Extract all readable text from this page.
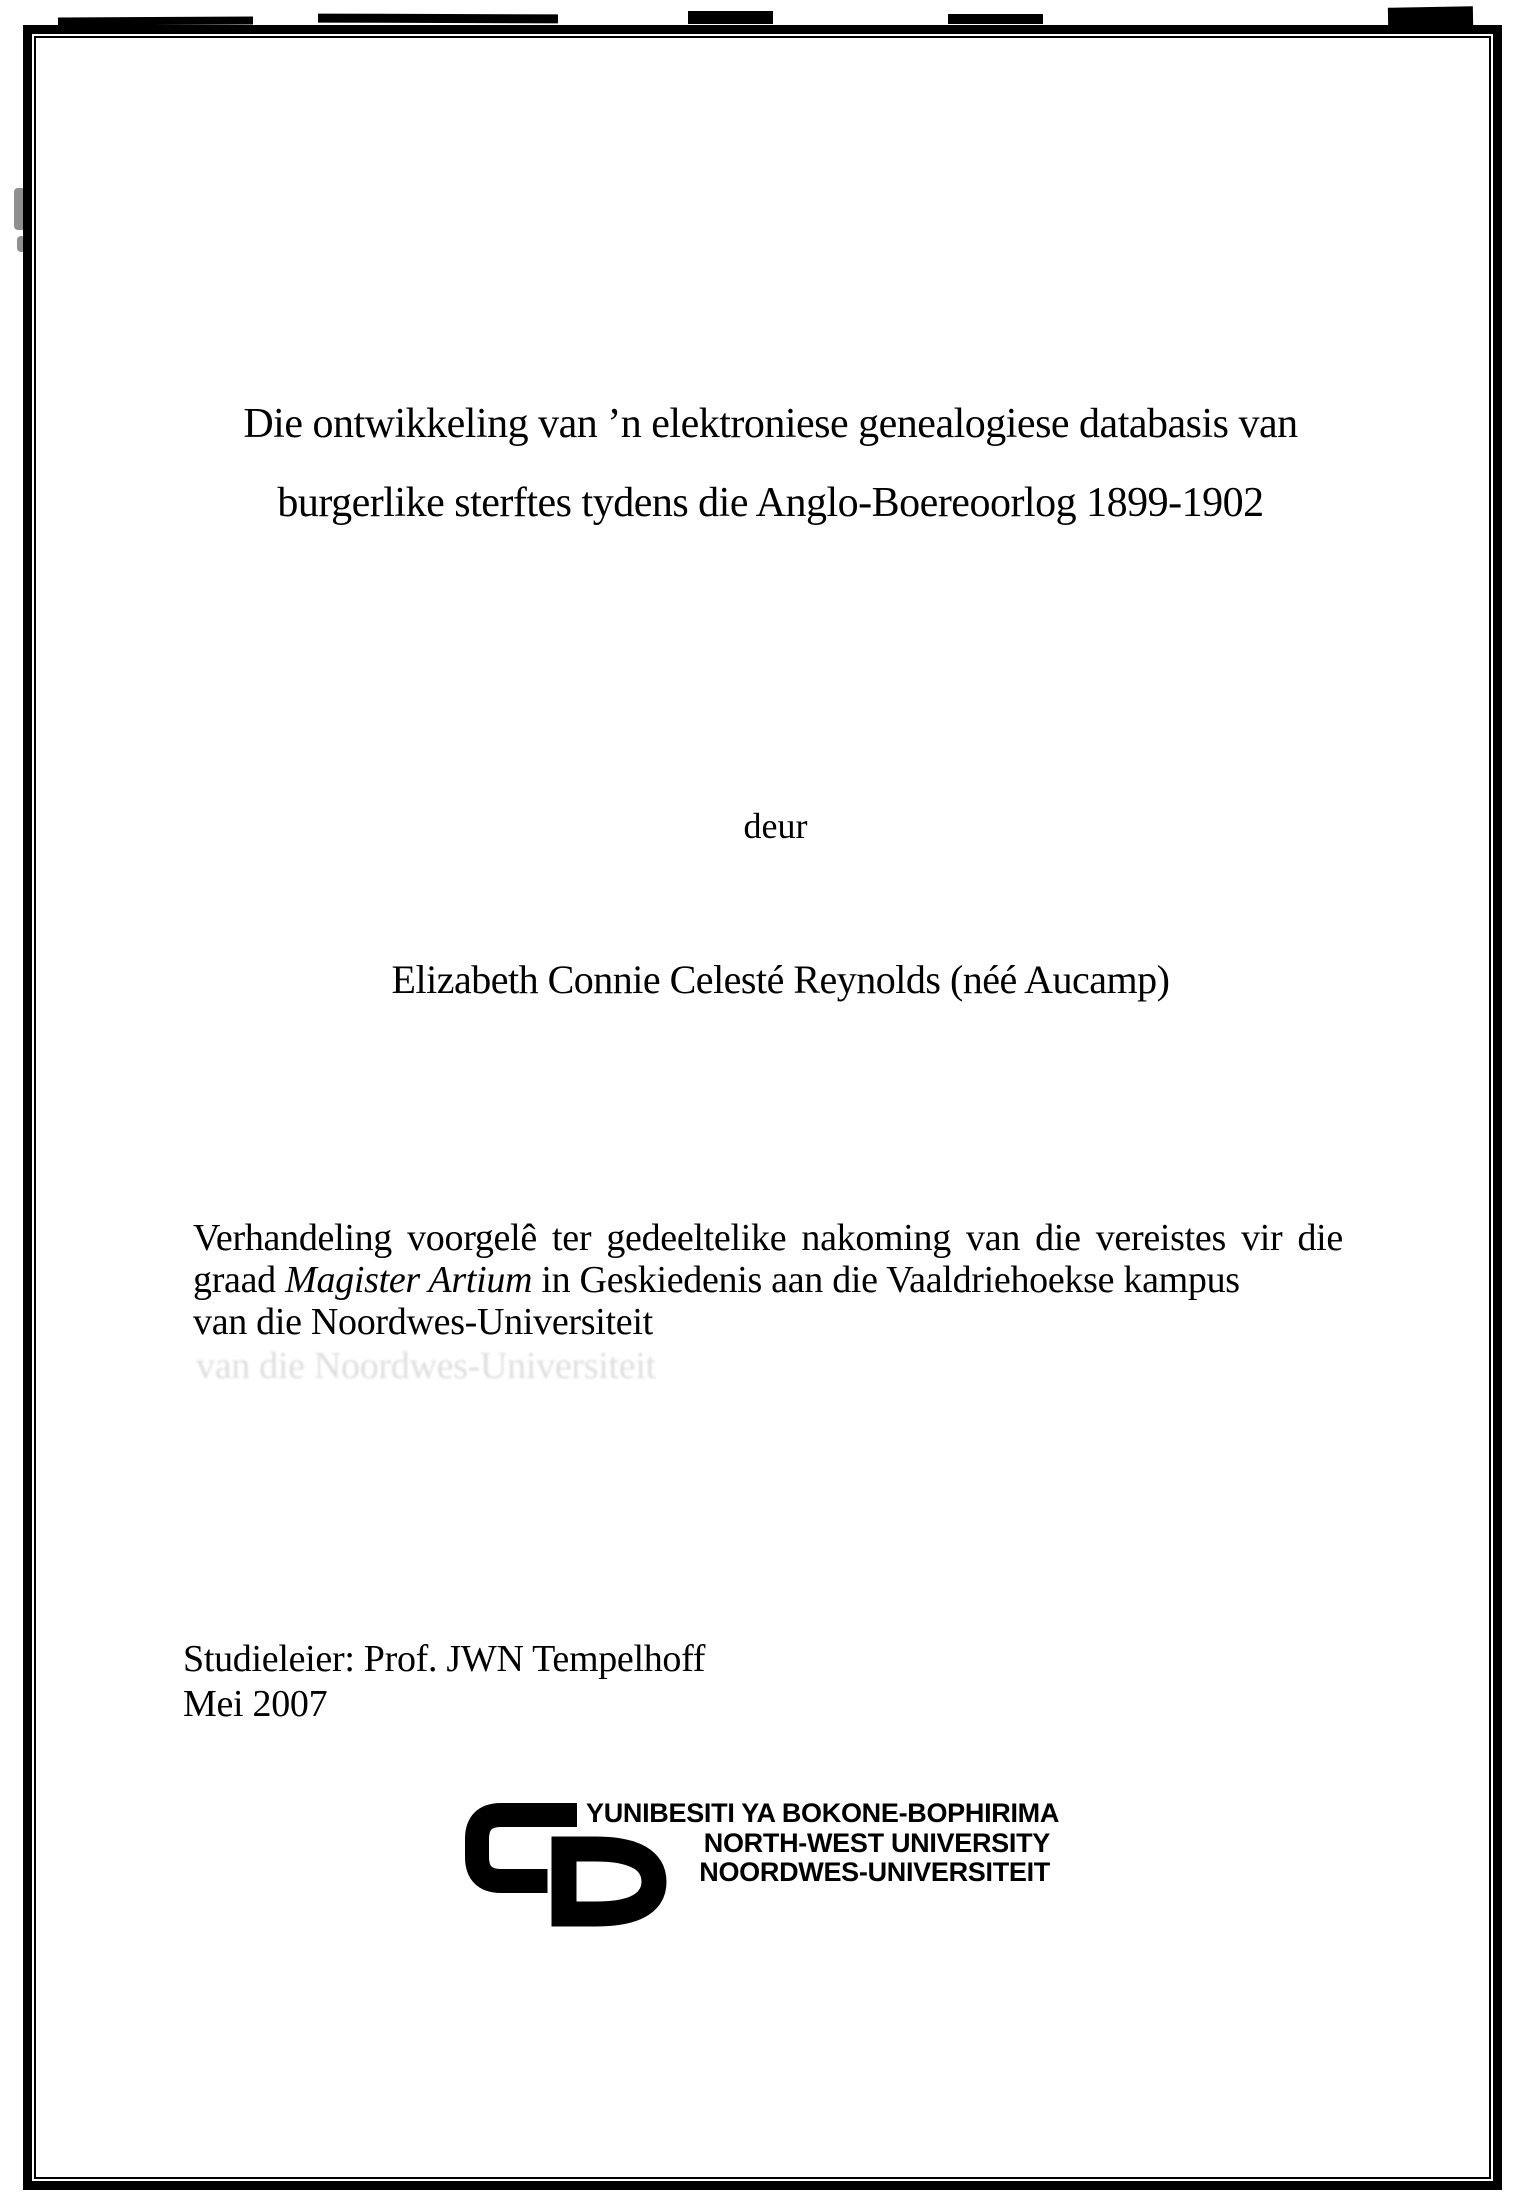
Die ontwikkeling van ’n elektroniese genealogiese databasis van
burgerlike sterftes tydens die Anglo-Boereoorlog 1899-1902
deur
Elizabeth Connie Celesté Reynolds (néé Aucamp)
Verhandeling voorgelê ter gedeeltelike nakoming van die vereistes vir die
graad Magister Artium in Geskiedenis aan die Vaaldriehoekse kampus
van die Noordwes-Universiteit
van die Noordwes-Universiteit
Studieleier: Prof. JWN Tempelhoff
Mei 2007
YUNIBESITI YA BOKONE-BOPHIRIMA
NORTH-WEST UNIVERSITY
NOORDWES-UNIVERSITEIT
